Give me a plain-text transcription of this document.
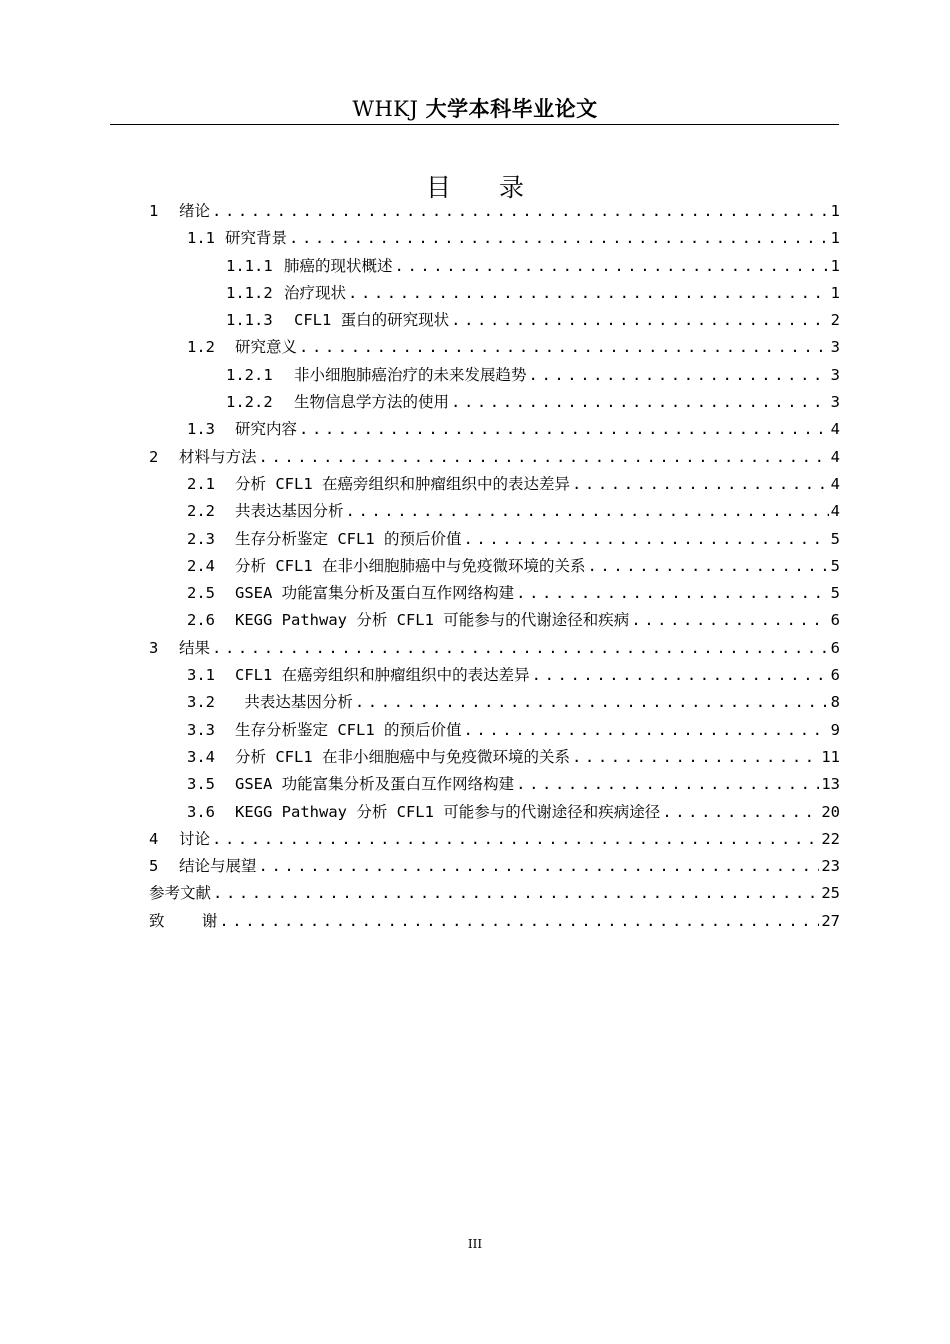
WHKJ 大学本科毕业论文
目 录
1	绪论 .....	1
1.1 研究背景 .....	1
1.1.1 肺癌的现状概述 .....	1
1.1.2 治疗现状 .....	1
1.1.3	CFL1 蛋白的研究现状 .....	2
1.2	研究意义 .....	3
1.2.1	非小细胞肺癌治疗的未来发展趋势 .....	3
1.2.2	生物信息学方法的使用 .....	3
1.3	研究内容 .....	4
2	材料与方法 .....	4
2.1	分析 CFL1 在癌旁组织和肿瘤组织中的表达差异 .....	4
2.2	共表达基因分析 .....	4
2.3	生存分析鉴定 CFL1 的预后价值 .....	5
2.4	分析 CFL1 在非小细胞肺癌中与免疫微环境的关系 .....	5
2.5	GSEA 功能富集分析及蛋白互作网络构建 .....	5
2.6	KEGG Pathway 分析 CFL1 可能参与的代谢途径和疾病 .....	6
3	结果 .....	6
3.1	CFL1 在癌旁组织和肿瘤组织中的表达差异 .....	6
3.2	共表达基因分析 .....	8
3.3	生存分析鉴定 CFL1 的预后价值 .....	9
3.4	分析 CFL1 在非小细胞癌中与免疫微环境的关系 .....	11
3.5	GSEA 功能富集分析及蛋白互作网络构建 .....	13
3.6	KEGG Pathway 分析 CFL1 可能参与的代谢途径和疾病途径 .....	20
4	讨论 .....	22
5	结论与展望 .....	23
参考文献 .....	25
致    谢 .....	27
III
